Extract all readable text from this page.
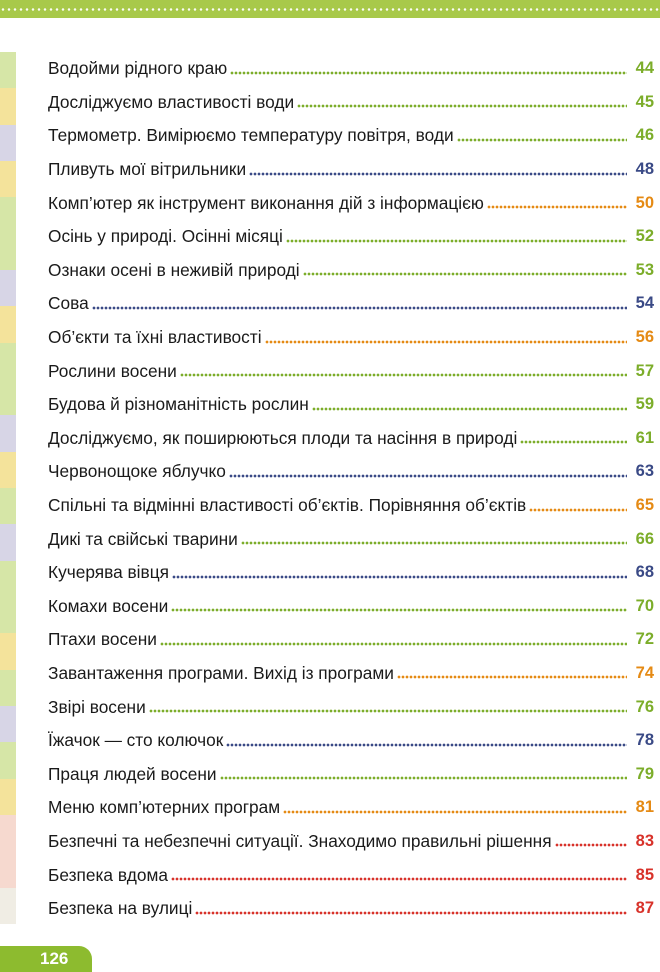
Водойми рідного краю	44
Досліджуємо властивості води	45
Термометр. Вимірюємо температуру повітря, води	46
Пливуть мої вітрильники	48
Комп’ютер як інструмент виконання дій з інформацією	50
Осінь у природі. Осінні місяці	52
Ознаки осені в неживій природі	53
Сова	54
Об’єкти та їхні властивості	56
Рослини восени	57
Будова й різноманітність рослин	59
Досліджуємо, як поширюються плоди та насіння в природі	61
Червонощоке яблучко	63
Спільні та відмінні властивості об’єктів. Порівняння об’єктів	65
Дикі та свійські тварини	66
Кучерява вівця	68
Комахи восени	70
Птахи восени	72
Завантаження програми. Вихід із програми	74
Звірі восени	76
Їжачок — сто колючок	78
Праця людей восени	79
Меню комп’ютерних програм	81
Безпечні та небезпечні ситуації. Знаходимо правильні рішення	83
Безпека вдома	85
Безпека на вулиці	87
126
